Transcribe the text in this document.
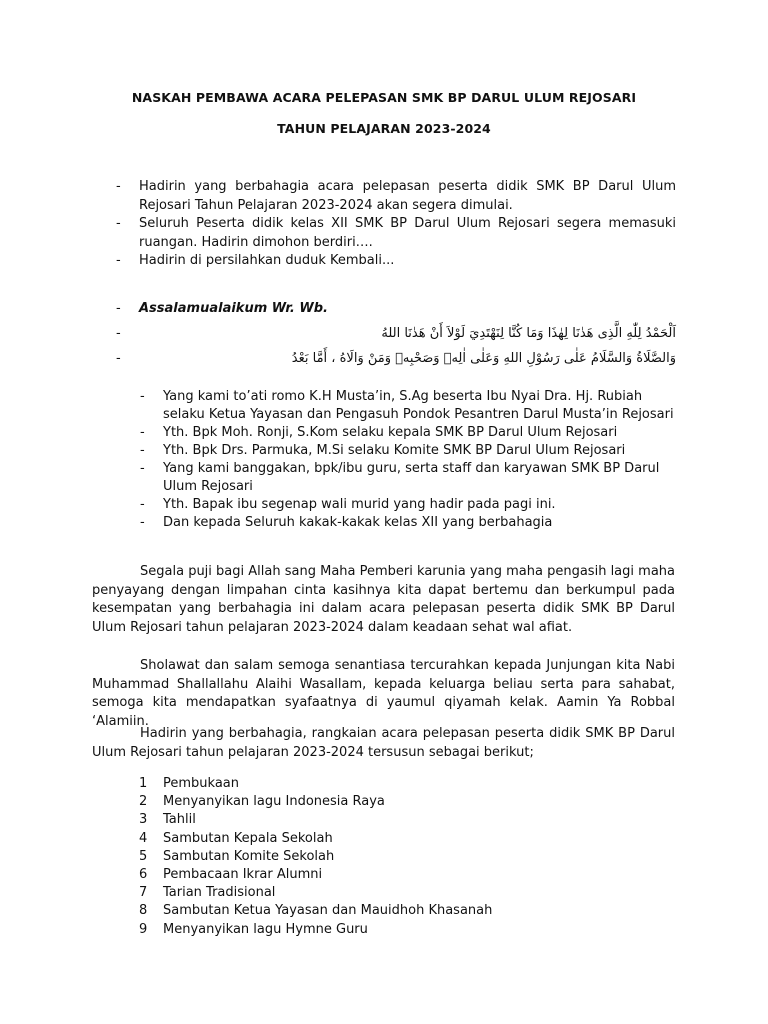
NASKAH PEMBAWA ACARA PELEPASAN SMK BP DARUL ULUM REJOSARI
TAHUN PELAJARAN 2023-2024
- Hadirin yang berbahagia acara pelepasan peserta didik SMK BP Darul Ulum Rejosari Tahun Pelajaran 2023-2024 akan segera dimulai.
- Seluruh Peserta didik kelas XII SMK BP Darul Ulum Rejosari segera memasuki ruangan. Hadirin dimohon berdiri….
- Hadirin di persilahkan duduk Kembali...
- Assalamualaikum Wr. Wb.
-	اَلْحَمْدُ لِلّٰهِ الَّذِى هَدٰنَا لِهٰذَا وَمَا كُنَّا لِنَهْتَدِيَ لَوْلاَ أَنْ هَدٰنَا اللهُ
-	وَالصَّلَاةُ وَالسَّلَامُ عَلٰى رَسُوْلِ اللهِ وَعَلٰى اٰلِهٖ وَصَحْبِهٖ وَمَنْ وَالَاهُ ، أَمَّا بَعْدُ
- Yang kami to’ati romo K.H Musta’in, S.Ag beserta Ibu Nyai Dra. Hj. Rubiah selaku Ketua Yayasan dan Pengasuh Pondok Pesantren Darul Musta’in Rejosari
- Yth. Bpk Moh. Ronji, S.Kom selaku kepala SMK BP Darul Ulum Rejosari
- Yth. Bpk Drs. Parmuka, M.Si selaku Komite SMK BP Darul Ulum Rejosari
- Yang kami banggakan, bpk/ibu guru, serta staff dan karyawan SMK BP Darul Ulum Rejosari
- Yth. Bapak ibu segenap wali murid yang hadir pada pagi ini.
- Dan kepada Seluruh kakak-kakak kelas XII yang berbahagia

Segala puji bagi Allah sang Maha Pemberi karunia yang maha pengasih lagi maha penyayang dengan limpahan cinta kasihnya kita dapat bertemu dan berkumpul pada kesempatan yang berbahagia ini dalam acara pelepasan peserta didik SMK BP Darul Ulum Rejosari tahun pelajaran 2023-2024 dalam keadaan sehat wal afiat.

Sholawat dan salam semoga senantiasa tercurahkan kepada Junjungan kita Nabi Muhammad Shallallahu Alaihi Wasallam, kepada keluarga beliau serta para sahabat, semoga kita mendapatkan syafaatnya di yaumul qiyamah kelak. Aamin Ya Robbal ‘Alamiin.

Hadirin yang berbahagia, rangkaian acara pelepasan peserta didik SMK BP Darul Ulum Rejosari tahun pelajaran 2023-2024 tersusun sebagai berikut;

1 Pembukaan
2 Menyanyikan lagu Indonesia Raya
3 Tahlil
4 Sambutan Kepala Sekolah
5 Sambutan Komite Sekolah
6 Pembacaan Ikrar Alumni
7 Tarian Tradisional
8 Sambutan Ketua Yayasan dan Mauidhoh Khasanah
9 Menyanyikan lagu Hymne Guru
